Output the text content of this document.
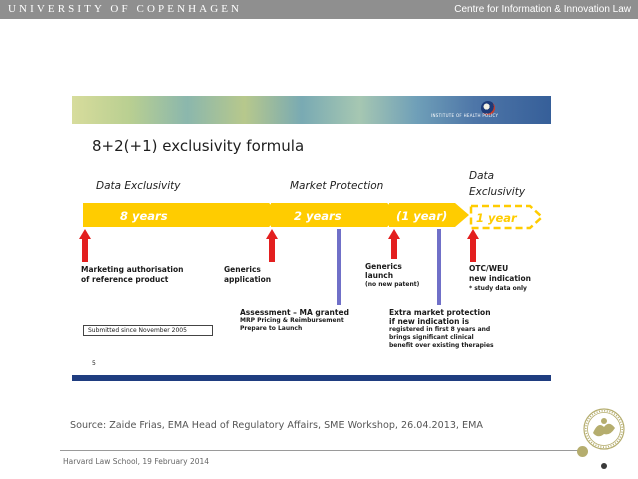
UNIVERSITY OF COPENHAGEN	Centre for Information & Innovation Law
INSTITUTE OF HEALTH POLICY
8+2(+1) exclusivity formula
Data Exclusivity	Market Protection
Data
Exclusivity
8 years	2 years	(1 year)	1 year
Marketing authorisation
of reference product
Generics
application
Generics
launch
(no new patent)
OTC/WEU
new indication
* study data only
Assessment – MA granted
MRP Pricing & Reimbursement
Prepare to Launch
Extra market protection
if new indication is
registered in first 8 years and
brings significant clinical
benefit over existing therapies
Submitted since November 2005
5
Source: Zaide Frias, EMA Head of Regulatory Affairs, SME Workshop, 26.04.2013, EMA
Harvard Law School, 19 February 2014
